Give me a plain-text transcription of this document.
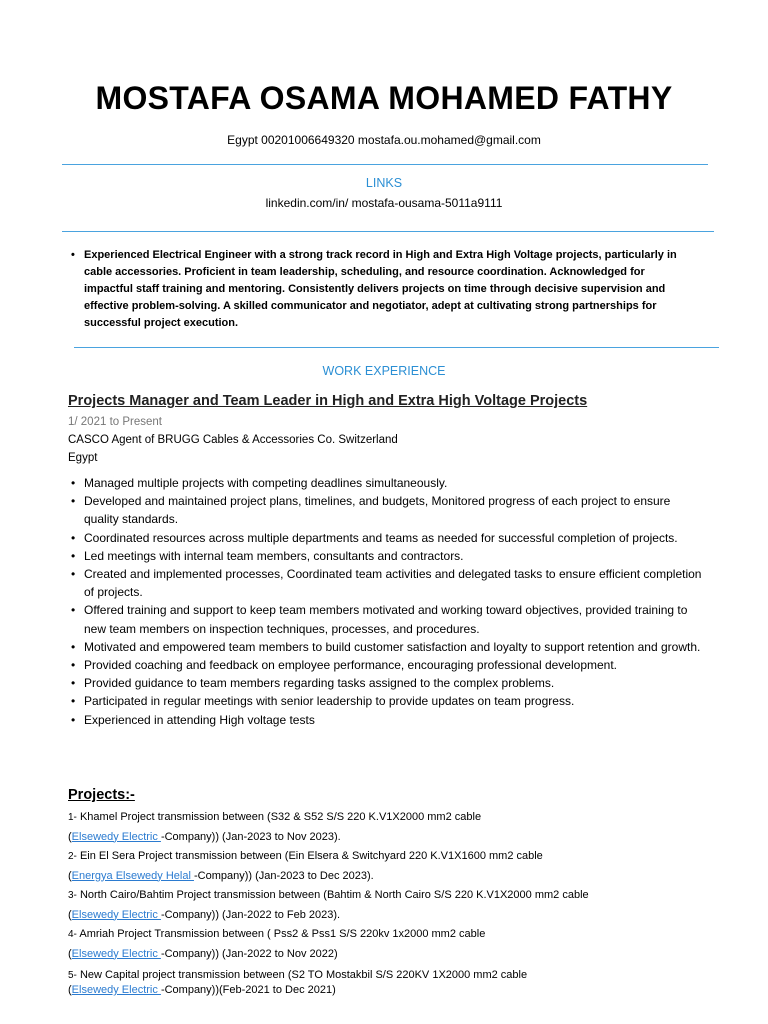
MOSTAFA OSAMA MOHAMED FATHY
Egypt 00201006649320 mostafa.ou.mohamed@gmail.com
LINKS
linkedin.com/in/ mostafa-ousama-5011a9111
• Experienced Electrical Engineer with a strong track record in High and Extra High Voltage projects, particularly in cable accessories. Proficient in team leadership, scheduling, and resource coordination. Acknowledged for impactful staff training and mentoring. Consistently delivers projects on time through decisive supervision and effective problem-solving. A skilled communicator and negotiator, adept at cultivating strong partnerships for successful project execution.
WORK EXPERIENCE
Projects Manager and Team Leader in High and Extra High Voltage Projects
1/ 2021 to Present
CASCO Agent of BRUGG Cables & Accessories Co. Switzerland
Egypt
• Managed multiple projects with competing deadlines simultaneously.
• Developed and maintained project plans, timelines, and budgets, Monitored progress of each project to ensure quality standards.
• Coordinated resources across multiple departments and teams as needed for successful completion of projects.
• Led meetings with internal team members, consultants and contractors.
• Created and implemented processes, Coordinated team activities and delegated tasks to ensure efficient completion of projects.
• Offered training and support to keep team members motivated and working toward objectives, provided training to new team members on inspection techniques, processes, and procedures.
• Motivated and empowered team members to build customer satisfaction and loyalty to support retention and growth.
• Provided coaching and feedback on employee performance, encouraging professional development.
• Provided guidance to team members regarding tasks assigned to the complex problems.
• Participated in regular meetings with senior leadership to provide updates on team progress.
• Experienced in attending High voltage tests
Projects:-
1- Khamel Project transmission between (S32 & S52 S/S 220 K.V1X2000 mm2 cable
(Elsewedy Electric -Company)) (Jan-2023 to Nov 2023).
2- Ein El Sera Project transmission between (Ein Elsera & Switchyard 220 K.V1X1600 mm2 cable
(Energya Elsewedy Helal -Company)) (Jan-2023 to Dec 2023).
3- North Cairo/Bahtim Project transmission between (Bahtim & North Cairo S/S 220 K.V1X2000 mm2 cable
(Elsewedy Electric -Company)) (Jan-2022 to Feb 2023).
4- Amriah Project Transmission between ( Pss2 & Pss1 S/S 220kv 1x2000 mm2 cable
(Elsewedy Electric -Company)) (Jan-2022 to Nov 2022)
5- New Capital project transmission between (S2 TO Mostakbil S/S 220KV 1X2000 mm2 cable
(Elsewedy Electric -Company))(Feb-2021 to Dec 2021)
